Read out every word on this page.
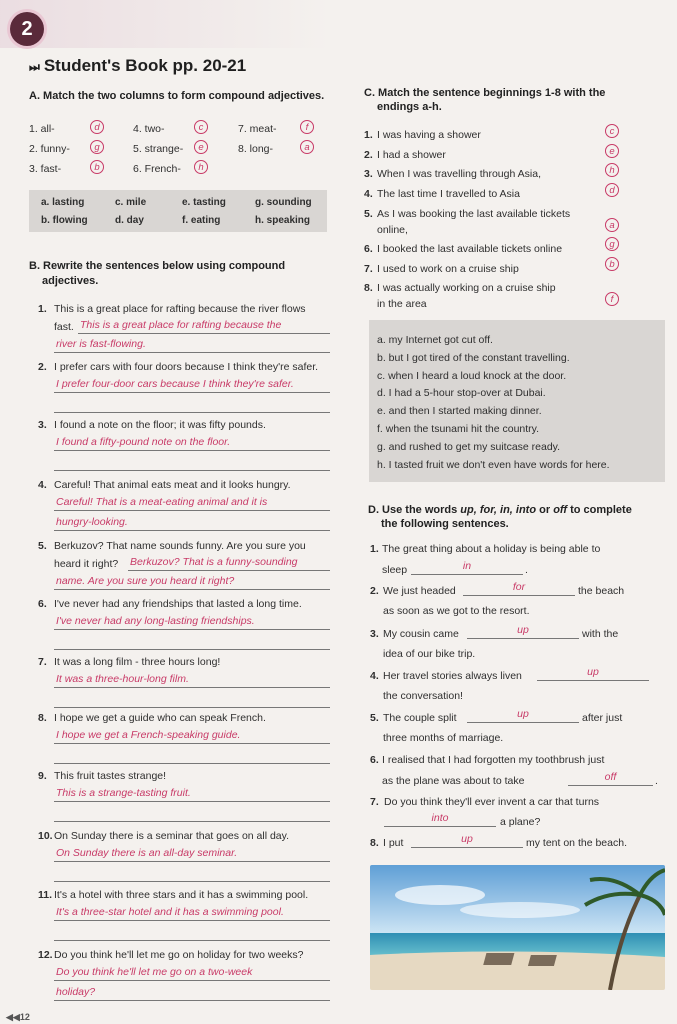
2
⏭ Student's Book pp. 20-21
A. Match the two columns to form compound adjectives.
1. all-	d
2. funny-	g
3. fast-	b
4. two-	c
5. strange-	e
6. French-	h
7. meat-	f
8. long-	a
a. lasting	c. mile	e. tasting	g. sounding
b. flowing	d. day	f. eating	h. speaking
B. Rewrite the sentences below using compound
adjectives.
1. This is a great place for rafting because the river flows
fast. This is a great place for rafting because the
river is fast-flowing.
2. I prefer cars with four doors because I think they're safer.
I prefer four-door cars because I think they're safer.
3. I found a note on the floor; it was fifty pounds.
I found a fifty-pound note on the floor.
4. Careful! That animal eats meat and it looks hungry.
Careful! That is a meat-eating animal and it is
hungry-looking.
5. Berkuzov? That name sounds funny. Are you sure you
heard it right? Berkuzov? That is a funny-sounding
name. Are you sure you heard it right?
6. I've never had any friendships that lasted a long time.
I've never had any long-lasting friendships.
7. It was a long film - three hours long!
It was a three-hour-long film.
8. I hope we get a guide who can speak French.
I hope we get a French-speaking guide.
9. This fruit tastes strange!
This is a strange-tasting fruit.
10. On Sunday there is a seminar that goes on all day.
On Sunday there is an all-day seminar.
11. It's a hotel with three stars and it has a swimming pool.
It's a three-star hotel and it has a swimming pool.
12. Do you think he'll let me go on holiday for two weeks?
Do you think he'll let me go on a two-week
holiday?
C. Match the sentence beginnings 1-8 with the
endings a-h.
1. I was having a shower	c
2. I had a shower	e
3. When I was travelling through Asia,	h
4. The last time I travelled to Asia	d
5. As I was booking the last available tickets
online,	a
6. I booked the last available tickets online	g
7. I used to work on a cruise ship	b
8. I was actually working on a cruise ship
in the area	f
a. my Internet got cut off.
b. but I got tired of the constant travelling.
c. when I heard a loud knock at the door.
d. I had a 5-hour stop-over at Dubai.
e. and then I started making dinner.
f. when the tsunami hit the country.
g. and rushed to get my suitcase ready.
h. I tasted fruit we don't even have words for here.
D. Use the words up, for, in, into or off to complete
the following sentences.
1. The great thing about a holiday is being able to
sleep	in	.
2. We just headed	for	the beach
as soon as we got to the resort.
3. My cousin came	up	with the
idea of our bike trip.
4. Her travel stories always liven	up
the conversation!
5. The couple split	up	after just
three months of marriage.
6. I realised that I had forgotten my toothbrush just
as the plane was about to take	off	.
7. Do you think they'll ever invent a car that turns
into	a plane?
8. I put	up	my tent on the beach.
◀◀12
